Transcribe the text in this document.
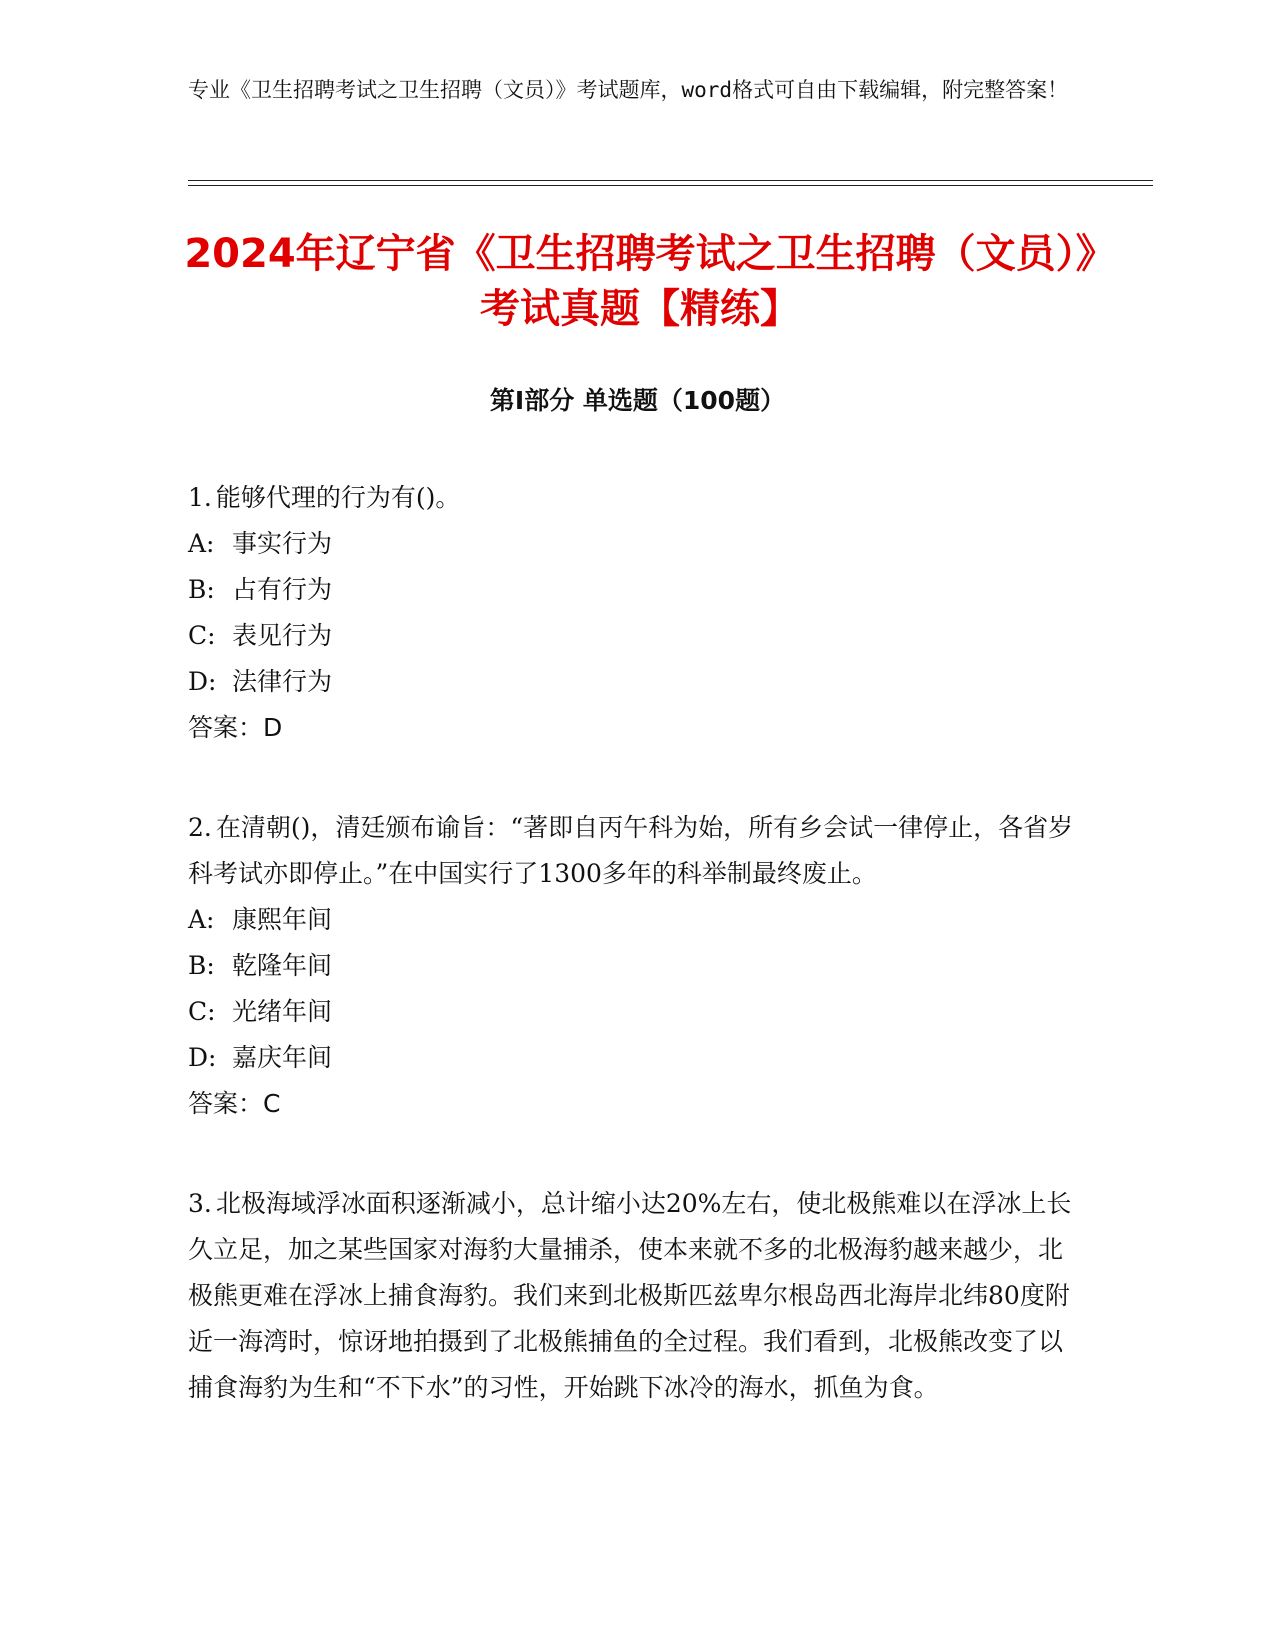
专业《卫生招聘考试之卫生招聘（文员）》考试题库，word格式可自由下载编辑，附完整答案！

2024年辽宁省《卫生招聘考试之卫生招聘（文员）》考试真题【精练】
第I部分 单选题（100题）

1. 能够代理的行为有()。

A: 事实行为

B: 占有行为

C: 表见行为

D: 法律行为

答案：D

2. 在清朝()，清廷颁布谕旨：“著即自丙午科为始，所有乡会试一律停止，各省岁科考试亦即停止。”在中国实行了1300多年的科举制最终废止。

A: 康熙年间

B: 乾隆年间

C: 光绪年间

D: 嘉庆年间

答案：C

3. 北极海域浮冰面积逐渐减小，总计缩小达20%左右，使北极熊难以在浮冰上长久立足，加之某些国家对海豹大量捕杀，使本来就不多的北极海豹越来越少，北极熊更难在浮冰上捕食海豹。我们来到北极斯匹兹卑尔根岛西北海岸北纬80度附近一海湾时，惊讶地拍摄到了北极熊捕鱼的全过程。我们看到，北极熊改变了以捕食海豹为生和“不下水”的习性，开始跳下冰冷的海水，抓鱼为食。
